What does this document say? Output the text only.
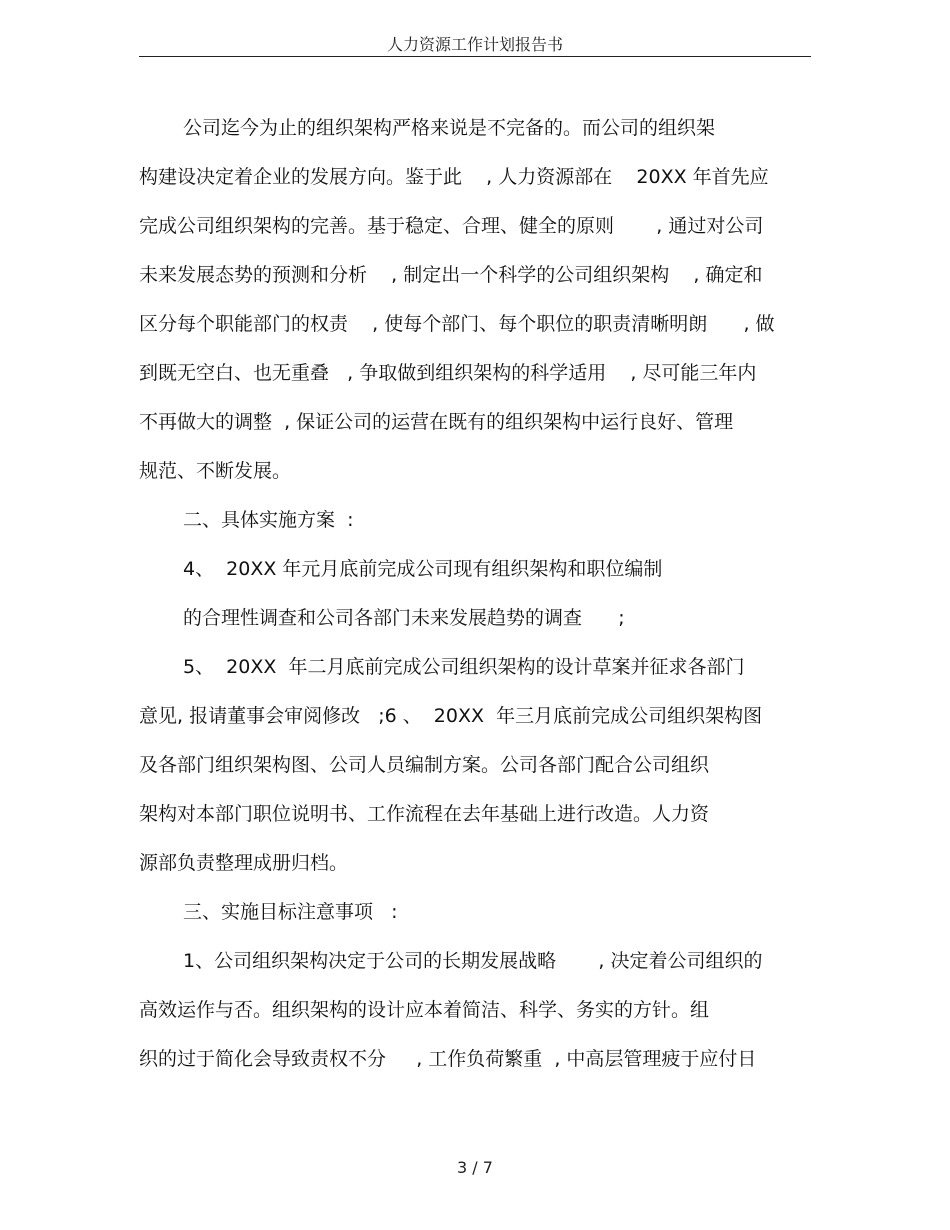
人力资源工作计划报告书
公司迄今为止的组织架构严格来说是不完备的。而公司的组织架
构建设决定着企业的发展方向。鉴于此    , 人力资源部在    20XX 年首先应
完成公司组织架构的完善。基于稳定、合理、健全的原则       , 通过对公司
未来发展态势的预测和分析    , 制定出一个科学的公司组织架构    , 确定和
区分每个职能部门的权责    , 使每个部门、每个职位的职责清晰明朗      , 做
到既无空白、也无重叠   , 争取做到组织架构的科学适用    , 尽可能三年内
不再做大的调整  , 保证公司的运营在既有的组织架构中运行良好、管理
规范、不断发展。
二、具体实施方案  :
4、  20XX 年元月底前完成公司现有组织架构和职位编制
的合理性调查和公司各部门未来发展趋势的调查      ;
5、  20XX  年二月底前完成公司组织架构的设计草案并征求各部门
意见, 报请董事会审阅修改   ;6 、  20XX  年三月底前完成公司组织架构图
及各部门组织架构图、公司人员编制方案。公司各部门配合公司组织
架构对本部门职位说明书、工作流程在去年基础上进行改造。人力资
源部负责整理成册归档。
三、实施目标注意事项   :
1、公司组织架构决定于公司的长期发展战略       , 决定着公司组织的
高效运作与否。组织架构的设计应本着简洁、科学、务实的方针。组
织的过于简化会导致责权不分     , 工作负荷繁重  , 中高层管理疲于应付日
3 / 7
